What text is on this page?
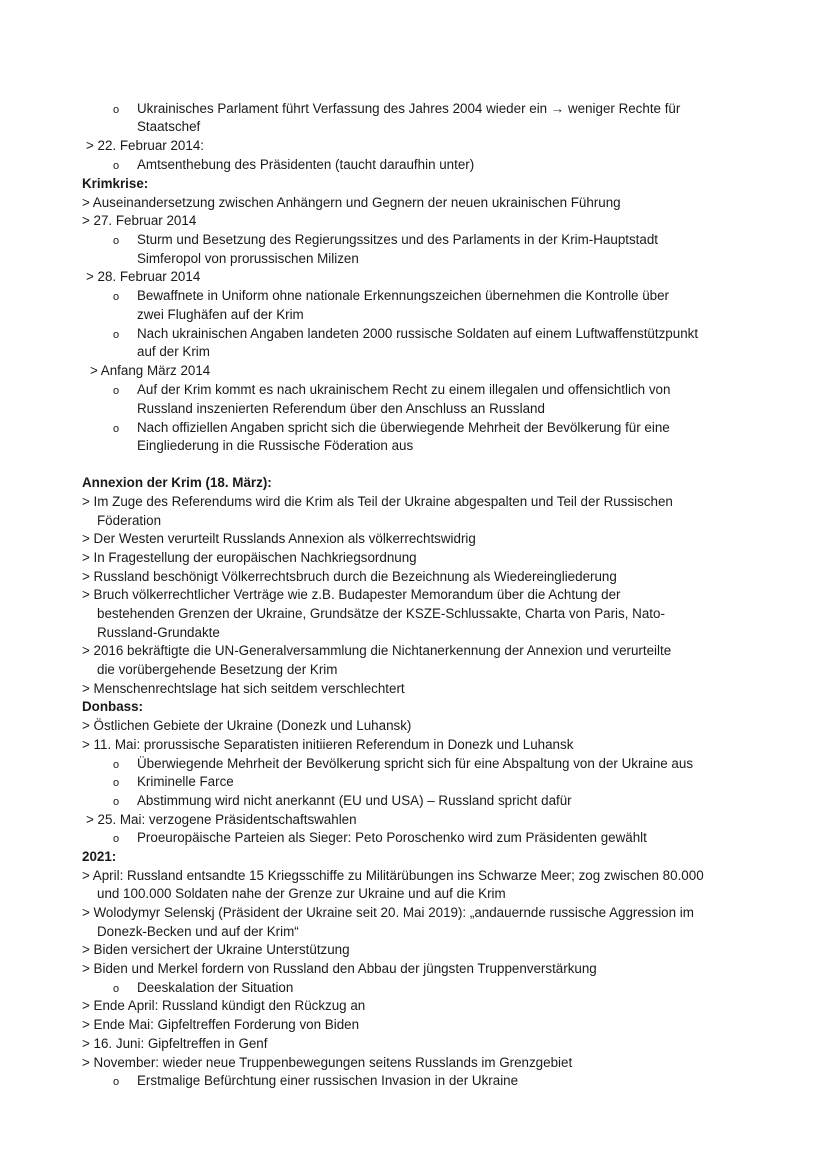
Ukrainisches Parlament führt Verfassung des Jahres 2004 wieder ein → weniger Rechte für
Staatschef
> 22. Februar 2014:
Amtsenthebung des Präsidenten (taucht daraufhin unter)
Krimkrise:
> Auseinandersetzung zwischen Anhängern und Gegnern der neuen ukrainischen Führung
> 27. Februar 2014
Sturm und Besetzung des Regierungssitzes und des Parlaments in der Krim-Hauptstadt
Simferopol von prorussischen Milizen
> 28. Februar 2014
Bewaffnete in Uniform ohne nationale Erkennungszeichen übernehmen die Kontrolle über
zwei Flughäfen auf der Krim
Nach ukrainischen Angaben landeten 2000 russische Soldaten auf einem Luftwaffenstützpunkt
auf der Krim
> Anfang März 2014
Auf der Krim kommt es nach ukrainischem Recht zu einem illegalen und offensichtlich von
Russland inszenierten Referendum über den Anschluss an Russland
Nach offiziellen Angaben spricht sich die überwiegende Mehrheit der Bevölkerung für eine
Eingliederung in die Russische Föderation aus
Annexion der Krim (18. März):
> Im Zuge des Referendums wird die Krim als Teil der Ukraine abgespalten und Teil der Russischen
Föderation
> Der Westen verurteilt Russlands Annexion als völkerrechtswidrig
> In Fragestellung der europäischen Nachkriegsordnung
> Russland beschönigt Völkerrechtsbruch durch die Bezeichnung als Wiedereingliederung
> Bruch völkerrechtlicher Verträge wie z.B. Budapester Memorandum über die Achtung der
bestehenden Grenzen der Ukraine, Grundsätze der KSZE-Schlussakte, Charta von Paris, Nato-
Russland-Grundakte
> 2016 bekräftigte die UN-Generalversammlung die Nichtanerkennung der Annexion und verurteilte
die vorübergehende Besetzung der Krim
> Menschenrechtslage hat sich seitdem verschlechtert
Donbass:
> Östlichen Gebiete der Ukraine (Donezk und Luhansk)
> 11. Mai: prorussische Separatisten initiieren Referendum in Donezk und Luhansk
Überwiegende Mehrheit der Bevölkerung spricht sich für eine Abspaltung von der Ukraine aus
Kriminelle Farce
Abstimmung wird nicht anerkannt (EU und USA) – Russland spricht dafür
> 25. Mai: verzogene Präsidentschaftswahlen
Proeuropäische Parteien als Sieger: Peto Poroschenko wird zum Präsidenten gewählt
2021:
> April: Russland entsandte 15 Kriegsschiffe zu Militärübungen ins Schwarze Meer; zog zwischen 80.000
und 100.000 Soldaten nahe der Grenze zur Ukraine und auf die Krim
> Wolodymyr Selenskj (Präsident der Ukraine seit 20. Mai 2019): „andauernde russische Aggression im
Donezk-Becken und auf der Krim“
> Biden versichert der Ukraine Unterstützung
> Biden und Merkel fordern von Russland den Abbau der jüngsten Truppenverstärkung
Deeskalation der Situation
> Ende April: Russland kündigt den Rückzug an
> Ende Mai: Gipfeltreffen Forderung von Biden
> 16. Juni: Gipfeltreffen in Genf
> November: wieder neue Truppenbewegungen seitens Russlands im Grenzgebiet
Erstmalige Befürchtung einer russischen Invasion in der Ukraine
o
o
o
o
o
o
o
o
o
o
o
o
o
